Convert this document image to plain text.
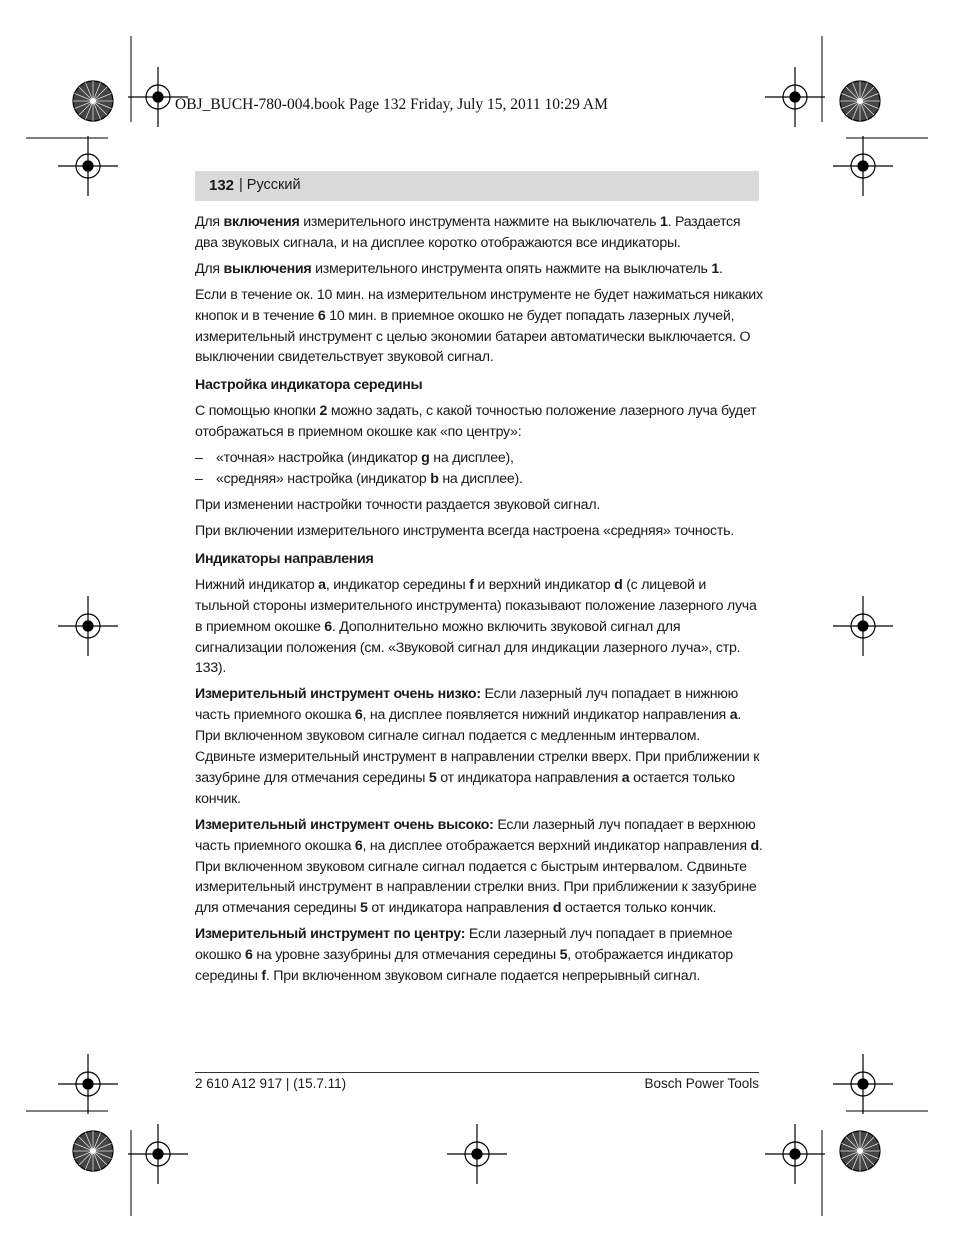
OBJ_BUCH-780-004.book Page 132 Friday, July 15, 2011 10:29 AM
132 | Русский

Для включения измерительного инструмента нажмите на выключатель 1. Раздается два звуковых сигнала, и на дисплее коротко отображаются все индикаторы.

Для выключения измерительного инструмента опять нажмите на выключатель 1.

Если в течение ок. 10 мин. на измерительном инструменте не будет нажиматься никаких кнопок и в течение 6 10 мин. в приемное окошко не будет попадать лазерных лучей, измерительный инструмент с целью экономии батареи автоматически выключается. О выключении свидетельствует звуковой сигнал.

Настройка индикатора середины

С помощью кнопки 2 можно задать, с какой точностью положение лазерного луча будет отображаться в приемном окошке как «по центру»:

– «точная» настройка (индикатор g на дисплее),
– «средняя» настройка (индикатор b на дисплее).

При изменении настройки точности раздается звуковой сигнал.

При включении измерительного инструмента всегда настроена «средняя» точность.

Индикаторы направления

Нижний индикатор a, индикатор середины f и верхний индикатор d (с лицевой и тыльной стороны измерительного инструмента) показывают положение лазерного луча в приемном окошке 6. Дополнительно можно включить звуковой сигнал для сигнализации положения (см. «Звуковой сигнал для индикации лазерного луча», стр. 133).

Измерительный инструмент очень низко: Если лазерный луч попадает в нижнюю часть приемного окошка 6, на дисплее появляется нижний индикатор направления a.
При включенном звуковом сигнале сигнал подается с медленным интервалом. Сдвиньте измерительный инструмент в направлении стрелки вверх. При приближении к зазубрине для отмечания середины 5 от индикатора направления a остается только кончик.

Измерительный инструмент очень высоко: Если лазерный луч попадает в верхнюю часть приемного окошка 6, на дисплее отображается верхний индикатор направления d.
При включенном звуковом сигнале сигнал подается с быстрым интервалом. Сдвиньте измерительный инструмент в направлении стрелки вниз. При приближении к зазубрине для отмечания середины 5 от индикатора направления d остается только кончик.

Измерительный инструмент по центру: Если лазерный луч попадает в приемное окошко 6 на уровне зазубрины для отмечания середины 5, отображается индикатор середины f. При включенном звуковом сигнале подается непрерывный сигнал.

2 610 A12 917 | (15.7.11)	Bosch Power Tools
